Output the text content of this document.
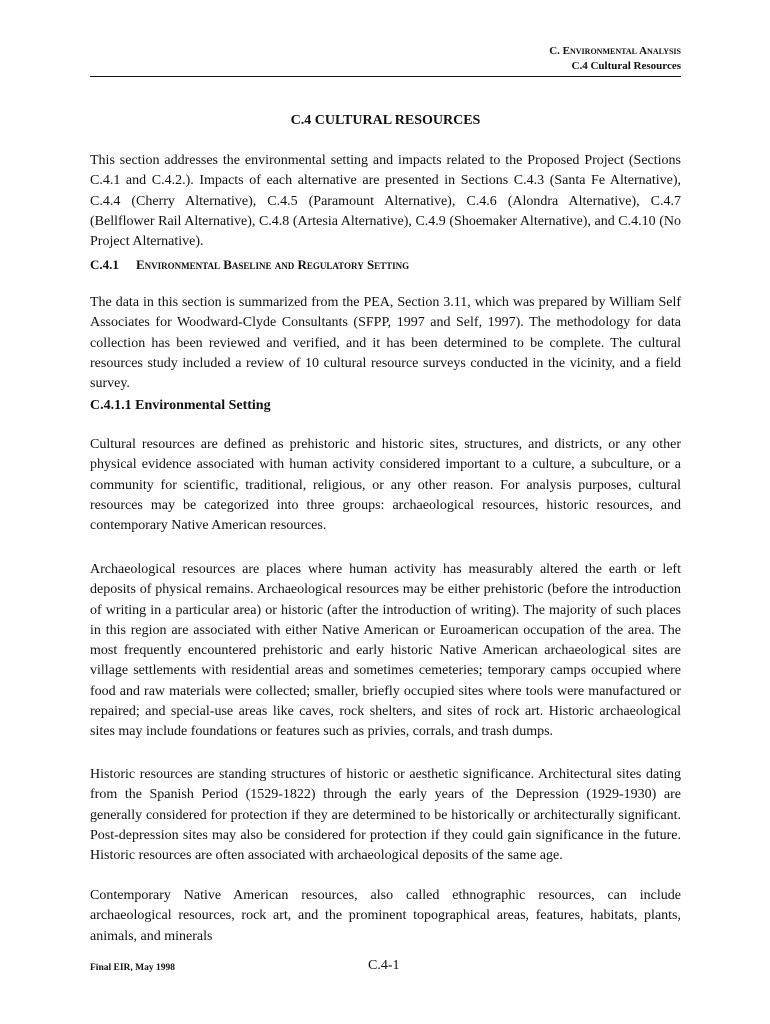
C. Environmental Analysis
C.4 Cultural Resources
C.4 CULTURAL RESOURCES

This section addresses the environmental setting and impacts related to the Proposed Project (Sections C.4.1 and C.4.2.). Impacts of each alternative are presented in Sections C.4.3 (Santa Fe Alternative), C.4.4 (Cherry Alternative), C.4.5 (Paramount Alternative), C.4.6 (Alondra Alternative), C.4.7 (Bellflower Rail Alternative), C.4.8 (Artesia Alternative), C.4.9 (Shoemaker Alternative), and C.4.10 (No Project Alternative).

C.4.1 Environmental Baseline and Regulatory Setting

The data in this section is summarized from the PEA, Section 3.11, which was prepared by William Self Associates for Woodward-Clyde Consultants (SFPP, 1997 and Self, 1997). The methodology for data collection has been reviewed and verified, and it has been determined to be complete. The cultural resources study included a review of 10 cultural resource surveys conducted in the vicinity, and a field survey.

C.4.1.1 Environmental Setting

Cultural resources are defined as prehistoric and historic sites, structures, and districts, or any other physical evidence associated with human activity considered important to a culture, a subculture, or a community for scientific, traditional, religious, or any other reason. For analysis purposes, cultural resources may be categorized into three groups: archaeological resources, historic resources, and contemporary Native American resources.

Archaeological resources are places where human activity has measurably altered the earth or left deposits of physical remains. Archaeological resources may be either prehistoric (before the introduction of writing in a particular area) or historic (after the introduction of writing). The majority of such places in this region are associated with either Native American or Euroamerican occupation of the area. The most frequently encountered prehistoric and early historic Native American archaeological sites are village settlements with residential areas and sometimes cemeteries; temporary camps occupied where food and raw materials were collected; smaller, briefly occupied sites where tools were manufactured or repaired; and special-use areas like caves, rock shelters, and sites of rock art. Historic archaeological sites may include foundations or features such as privies, corrals, and trash dumps.

Historic resources are standing structures of historic or aesthetic significance. Architectural sites dating from the Spanish Period (1529-1822) through the early years of the Depression (1929-1930) are generally considered for protection if they are determined to be historically or architecturally significant. Post-depression sites may also be considered for protection if they could gain significance in the future. Historic resources are often associated with archaeological deposits of the same age.

Contemporary Native American resources, also called ethnographic resources, can include archaeological resources, rock art, and the prominent topographical areas, features, habitats, plants, animals, and minerals

Final EIR, May 1998	C.4-1
